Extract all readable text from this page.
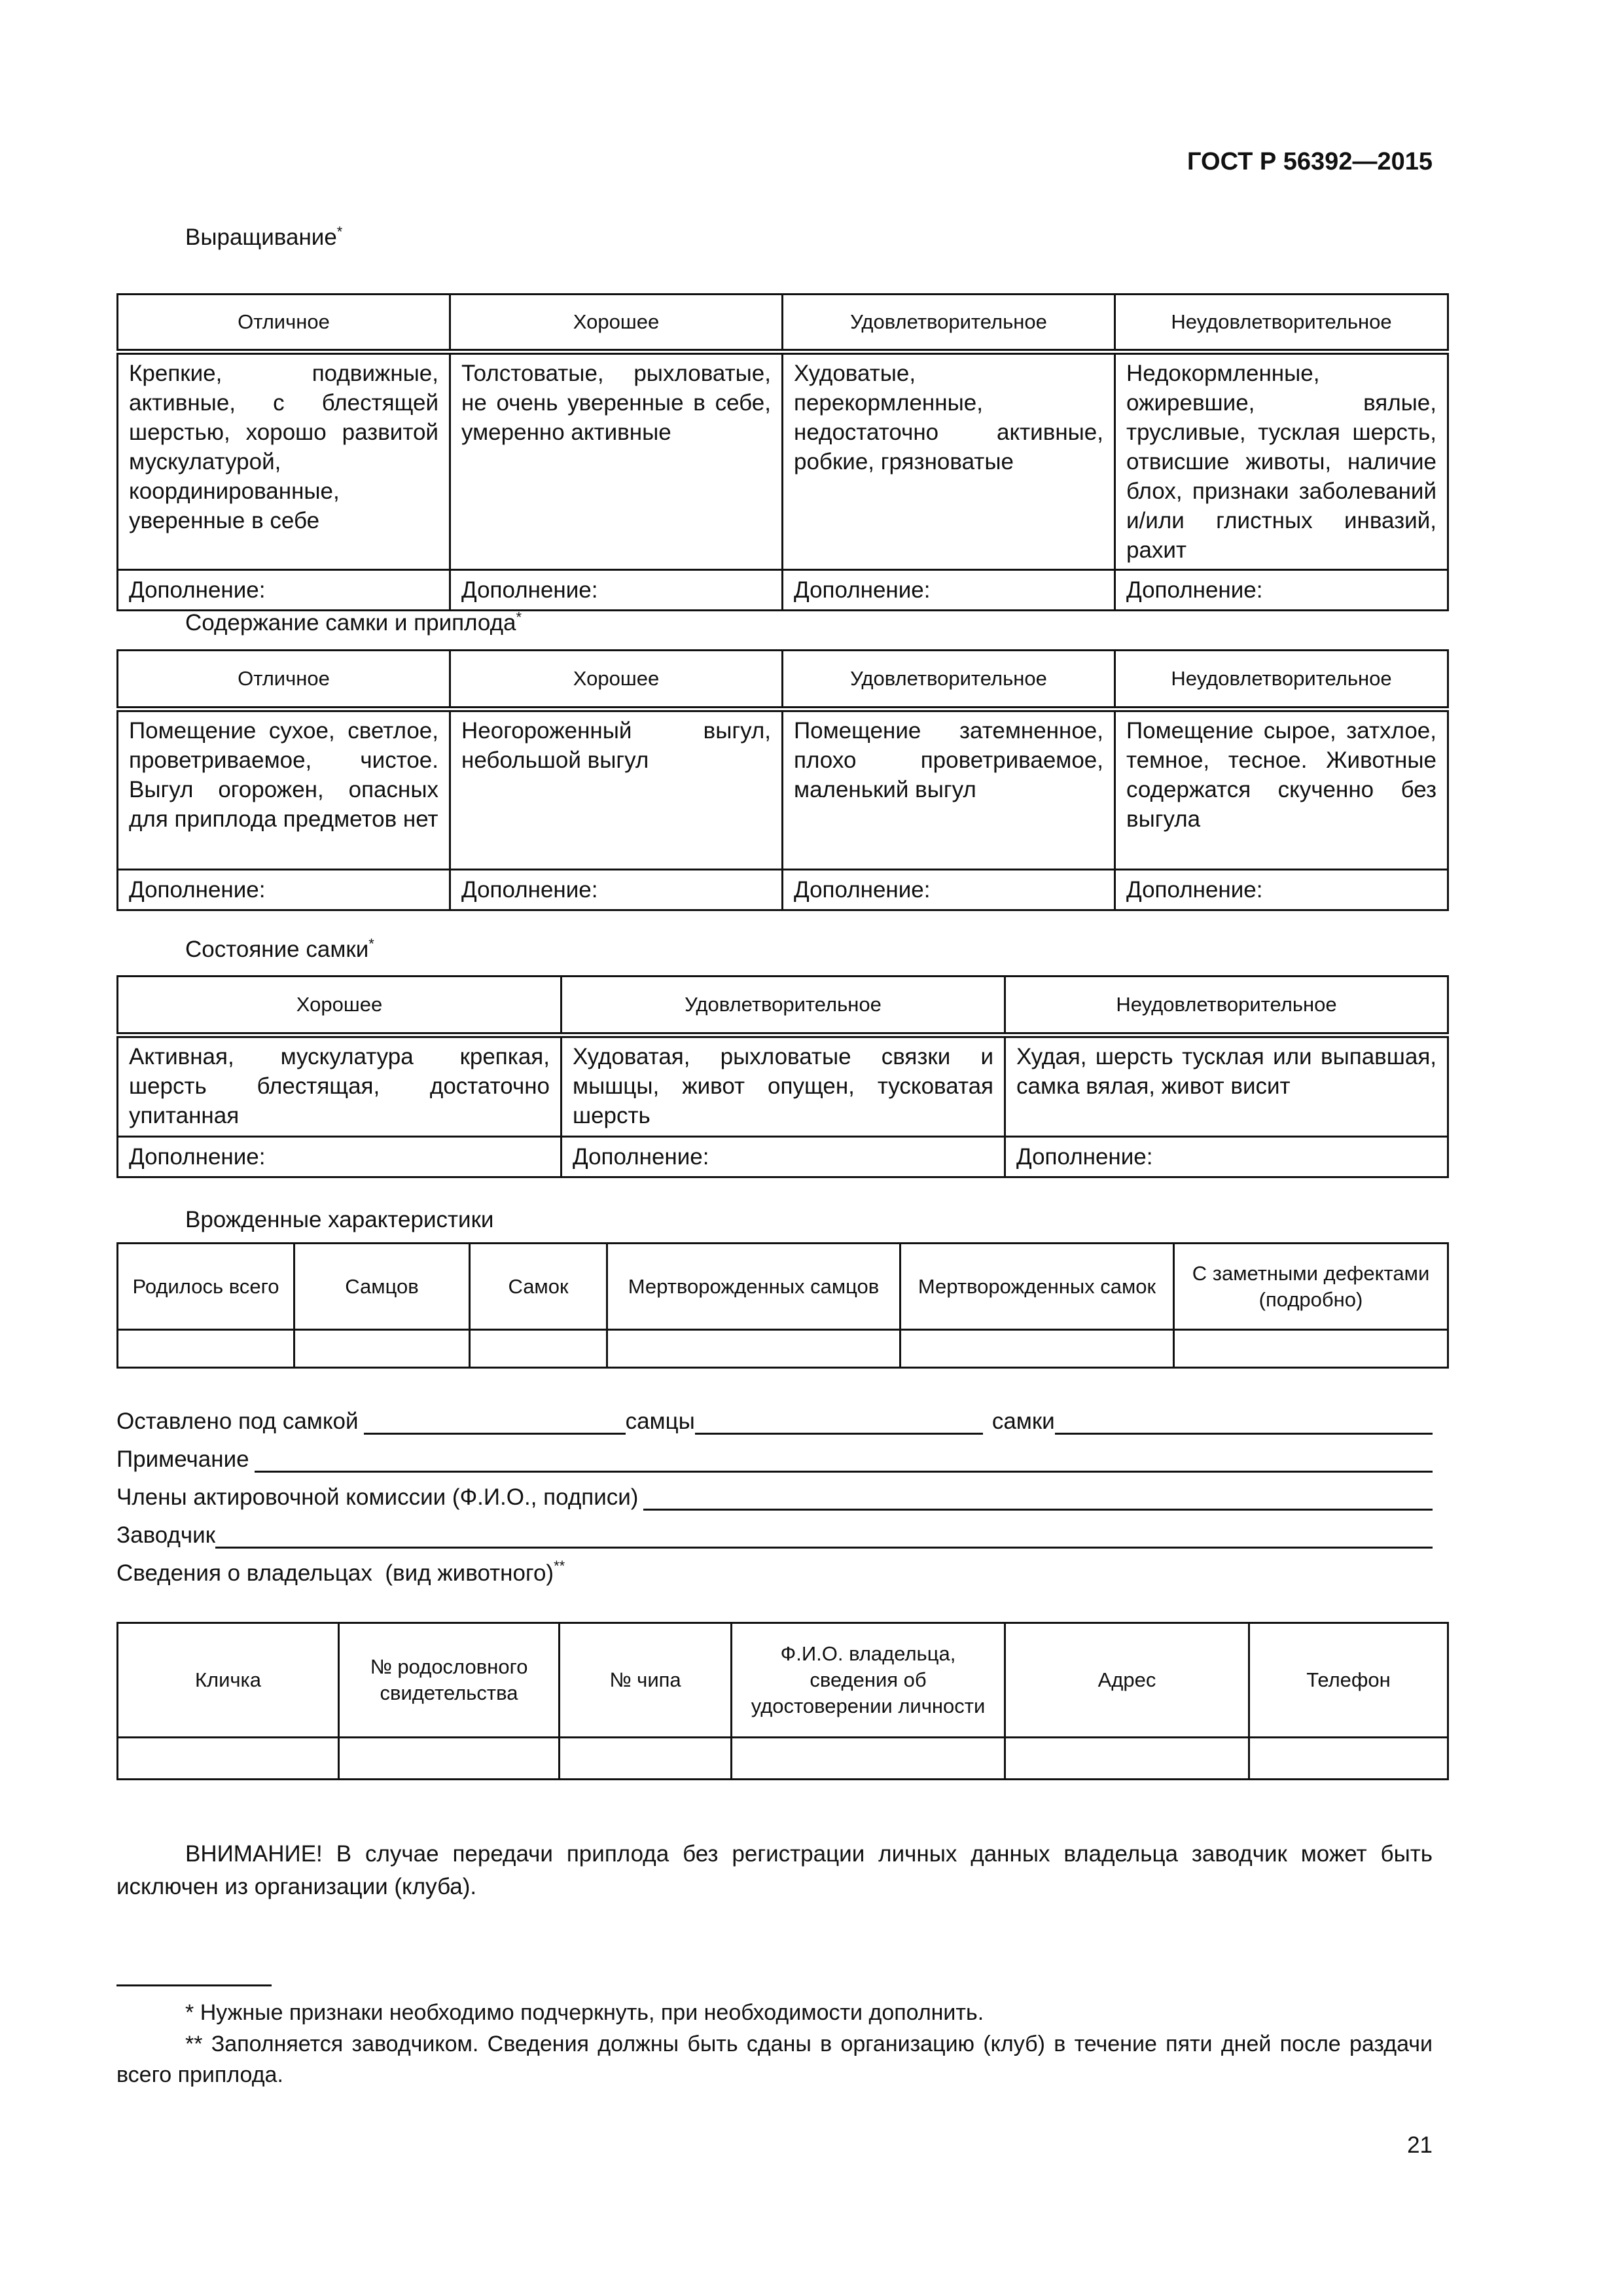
ГОСТ Р 56392—2015
Выращивание*
Отличное	Хорошее	Удовлетворительное	Неудовлетворительное
Крепкие, подвижные, активные, с блестящей шерстью, хорошо развитой мускулатурой, координированные, уверенные в себе	Толстоватые, рыхловатые, не очень уверенные в себе, умеренно активные	Худоватые, перекормленные, недостаточно активные, робкие, грязноватые	Недокормленные, ожиревшие, вялые, трусливые, тусклая шерсть, отвисшие животы, наличие блох, признаки заболеваний и/или глистных инвазий, рахит
Дополнение:	Дополнение:	Дополнение:	Дополнение:
Содержание самки и приплода*
Отличное	Хорошее	Удовлетворительное	Неудовлетворительное
Помещение сухое, светлое, проветриваемое, чистое. Выгул огорожен, опасных для приплода предметов нет	Неогороженный выгул, небольшой выгул	Помещение затемненное, плохо проветриваемое, маленький выгул	Помещение сырое, затхлое, темное, тесное. Животные содержатся скученно без выгула
Дополнение:	Дополнение:	Дополнение:	Дополнение:
Состояние самки*
Хорошее	Удовлетворительное	Неудовлетворительное
Активная, мускулатура крепкая, шерсть блестящая, достаточно упитанная	Худоватая, рыхловатые связки и мышцы, живот опущен, тусковатая шерсть	Худая, шерсть тусклая или выпавшая, самка вялая, живот висит
Дополнение:	Дополнение:	Дополнение:
Врожденные характеристики
Родилось всего	Самцов	Самок	Мертворожденных самцов	Мертворожденных самок	С заметными дефектами (подробно)

Оставлено под самкой	самцы	самки
Примечание
Члены актировочной комиссии (Ф.И.О., подписи)
Заводчик
Сведения о владельцах  (вид животного)**
Кличка	№ родословного свидетельства	№ чипа	Ф.И.О. владельца, сведения об удостоверении личности	Адрес	Телефон

ВНИМАНИЕ! В случае передачи приплода без регистрации личных данных владельца заводчик может быть исключен из организации (клуба).
* Нужные признаки необходимо подчеркнуть, при необходимости дополнить.
** Заполняется заводчиком. Сведения должны быть сданы в организацию (клуб) в течение пяти дней после раздачи всего приплода.
21
